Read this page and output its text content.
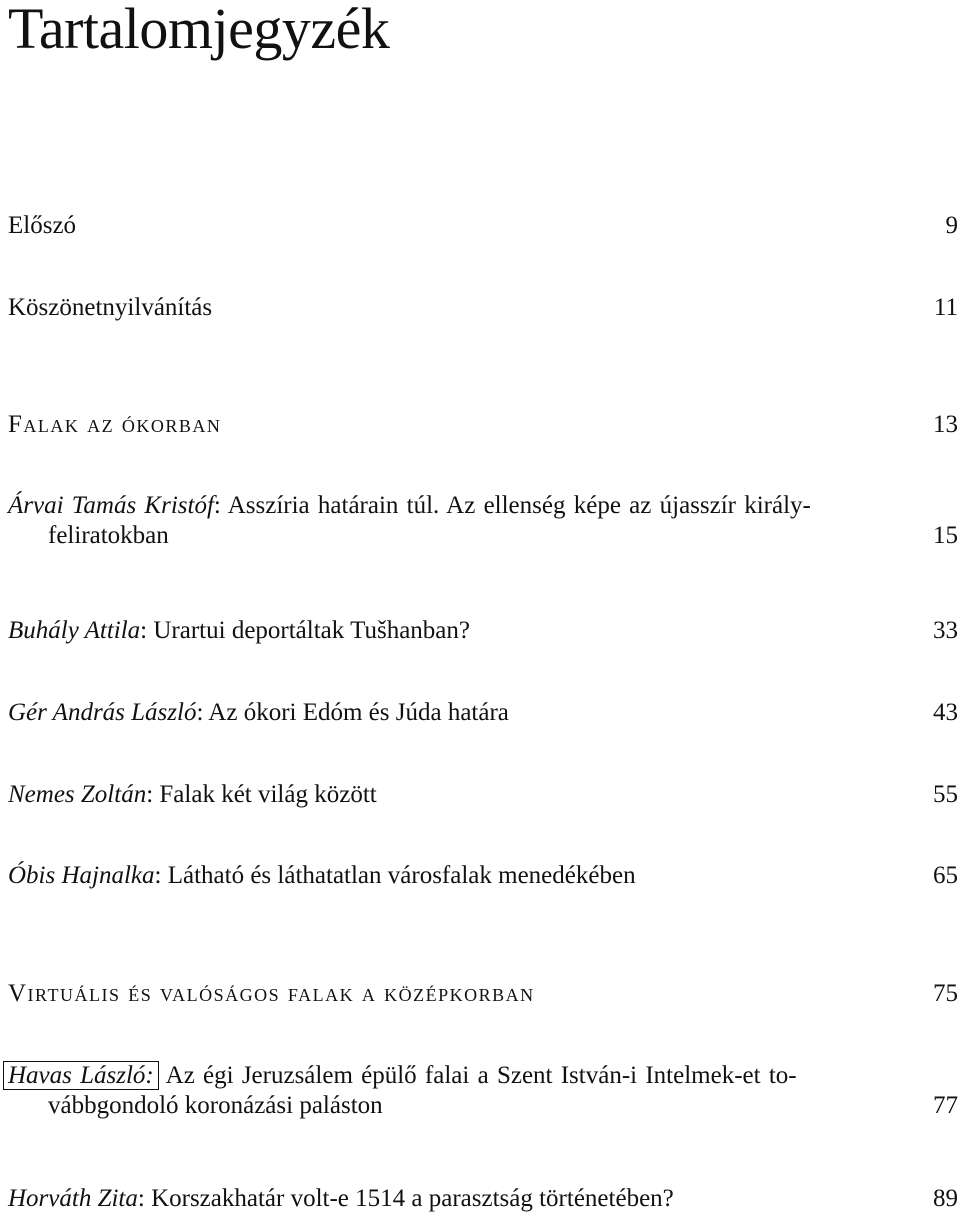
Tartalomjegyzék
Előszó	9
Köszönetnyilvánítás	11
Falak az ókorban	13
Árvai Tamás Kristóf: Asszíria határain túl. Az ellenség képe az újasszír király-
feliratokban	15
Buhály Attila: Urartui deportáltak Tušhanban?	33
Gér András László: Az ókori Edóm és Júda határa	43
Nemes Zoltán: Falak két világ között	55
Óbis Hajnalka: Látható és láthatatlan városfalak menedékében	65
Virtuális és valóságos falak a középkorban	75
Havas László: Az égi Jeruzsálem épülő falai a Szent István-i Intelmek-et to-
vábbgondoló koronázási paláston	77
Horváth Zita: Korszakhatár volt-e 1514 a parasztság történetében?	89
